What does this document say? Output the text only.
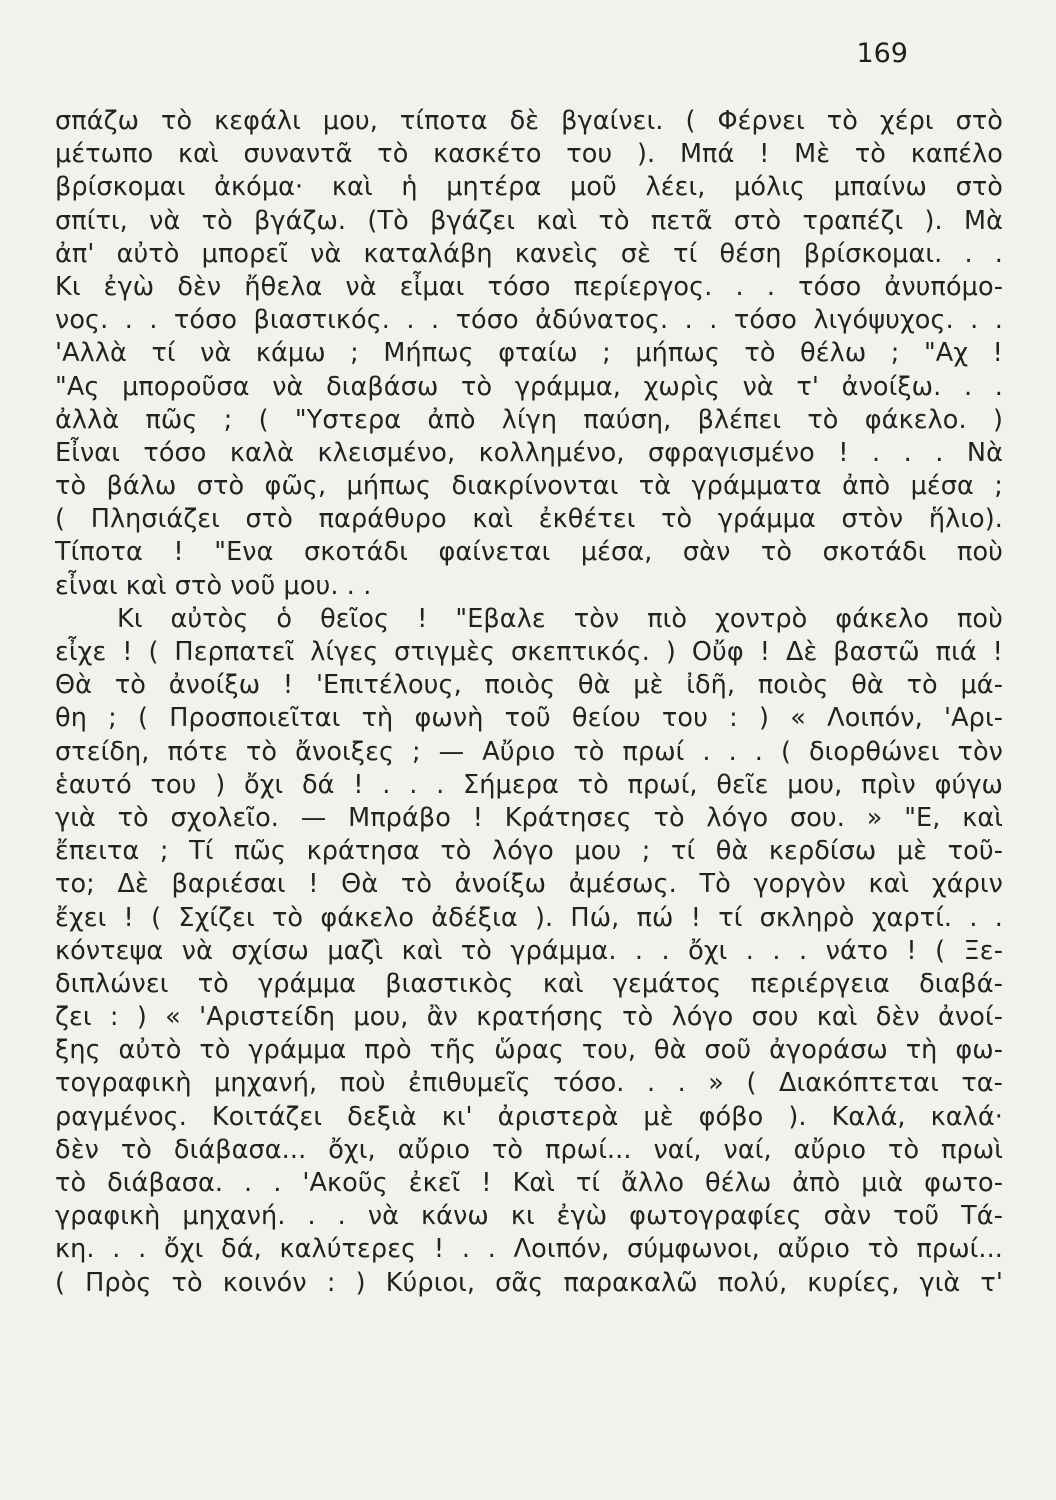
169
σπάζω τὸ κεφάλι μου, τίποτα δὲ βγαίνει. ( Φέρνει τὸ χέρι στὸ
μέτωπο καὶ συναντᾶ τὸ κασκέτο του ). Μπά ! Μὲ τὸ καπέλο
βρίσκομαι ἀκόμα· καὶ ἡ μητέρα μοῦ λέει, μόλις μπαίνω στὸ
σπίτι, νὰ τὸ βγάζω. (Τὸ βγάζει καὶ τὸ πετᾶ στὸ τραπέζι ). Μὰ
ἀπ' αὐτὸ μπορεῖ νὰ καταλάβη κανεὶς σὲ τί θέση βρίσκομαι. . .
Κι ἐγὼ δὲν ἤθελα νὰ εἶμαι τόσο περίεργος. . . τόσο ἀνυπόμο-
νος. . . τόσο βιαστικός. . . τόσο ἀδύνατος. . . τόσο λιγόψυχος. . .
'Αλλὰ τί νὰ κάμω ; Μήπως φταίω ; μήπως τὸ θέλω ; "Αχ !
"Ας μποροῦσα νὰ διαβάσω τὸ γράμμα, χωρὶς νὰ τ' ἀνοίξω. . .
ἀλλὰ πῶς ; ( "Υστερα ἀπὸ λίγη παύση, βλέπει τὸ φάκελο. )
Εἶναι τόσο καλὰ κλεισμένο, κολλημένο, σφραγισμένο ! . . . Νὰ
τὸ βάλω στὸ φῶς, μήπως διακρίνονται τὰ γράμματα ἀπὸ μέσα ;
( Πλησιάζει στὸ παράθυρο καὶ ἐκθέτει τὸ γράμμα στὸν ἥλιο).
Τίποτα ! "Ενα σκοτάδι φαίνεται μέσα, σὰν τὸ σκοτάδι ποὺ
εἶναι καὶ στὸ νοῦ μου. . .
Κι αὐτὸς ὁ θεῖος ! "Εβαλε τὸν πιὸ χοντρὸ φάκελο ποὺ
εἶχε ! ( Περπατεῖ λίγες στιγμὲς σκεπτικός. ) Οὔφ ! Δὲ βαστῶ πιά !
Θὰ τὸ ἀνοίξω ! 'Επιτέλους, ποιὸς θὰ μὲ ἰδῆ, ποιὸς θὰ τὸ μά-
θη ; ( Προσποιεῖται τὴ φωνὴ τοῦ θείου του : ) « Λοιπόν, 'Αρι-
στείδη, πότε τὸ ἄνοιξες ; — Αὔριο τὸ πρωί . . . ( διορθώνει τὸν
ἑαυτό του ) ὄχι δά ! . . . Σήμερα τὸ πρωί, θεῖε μου, πρὶν φύγω
γιὰ τὸ σχολεῖο. — Μπράβο ! Κράτησες τὸ λόγο σου. » "Ε, καὶ
ἔπειτα ; Τί πῶς κράτησα τὸ λόγο μου ; τί θὰ κερδίσω μὲ τοῦ-
το; Δὲ βαριέσαι ! Θὰ τὸ ἀνοίξω ἀμέσως. Τὸ γοργὸν καὶ χάριν
ἔχει ! ( Σχίζει τὸ φάκελο ἀδέξια ). Πώ, πώ ! τί σκληρὸ χαρτί. . .
κόντεψα νὰ σχίσω μαζὶ καὶ τὸ γράμμα. . . ὄχι . . . νάτο ! ( Ξε-
διπλώνει τὸ γράμμα βιαστικὸς καὶ γεμάτος περιέργεια διαβά-
ζει : ) « 'Αριστείδη μου, ἂν κρατήσης τὸ λόγο σου καὶ δὲν ἀνοί-
ξης αὐτὸ τὸ γράμμα πρὸ τῆς ὥρας του, θὰ σοῦ ἀγοράσω τὴ φω-
τογραφικὴ μηχανή, ποὺ ἐπιθυμεῖς τόσο. . . » ( Διακόπτεται τα-
ραγμένος. Κοιτάζει δεξιὰ κι' ἀριστερὰ μὲ φόβο ). Καλά, καλά·
δὲν τὸ διάβασα... ὄχι, αὔριο τὸ πρωί... ναί, ναί, αὔριο τὸ πρωὶ
τὸ διάβασα. . . 'Ακοῦς ἐκεῖ ! Καὶ τί ἄλλο θέλω ἀπὸ μιὰ φωτο-
γραφικὴ μηχανή. . . νὰ κάνω κι ἐγὼ φωτογραφίες σὰν τοῦ Τά-
κη. . . ὄχι δά, καλύτερες ! . . Λοιπόν, σύμφωνοι, αὔριο τὸ πρωί...
( Πρὸς τὸ κοινόν : ) Κύριοι, σᾶς παρακαλῶ πολύ, κυρίες, γιὰ τ'
